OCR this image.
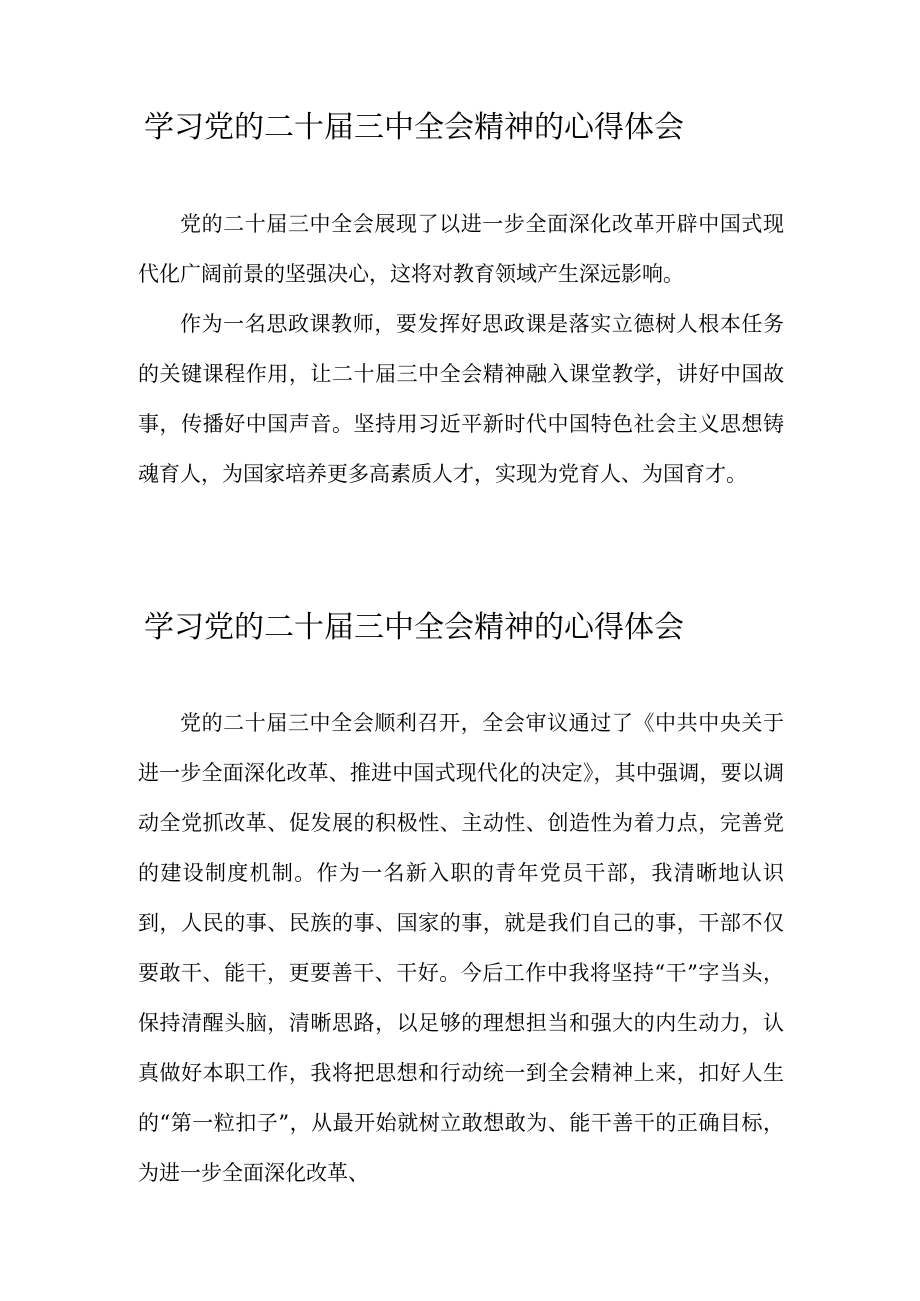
学习党的二十届三中全会精神的心得体会

党的二十届三中全会展现了以进一步全面深化改革开辟中国式现代化广阔前景的坚强决心，这将对教育领域产生深远影响。

作为一名思政课教师，要发挥好思政课是落实立德树人根本任务的关键课程作用，让二十届三中全会精神融入课堂教学，讲好中国故事，传播好中国声音。坚持用习近平新时代中国特色社会主义思想铸魂育人，为国家培养更多高素质人才，实现为党育人、为国育才。

学习党的二十届三中全会精神的心得体会

党的二十届三中全会顺利召开，全会审议通过了《中共中央关于进一步全面深化改革、推进中国式现代化的决定》，其中强调，要以调动全党抓改革、促发展的积极性、主动性、创造性为着力点，完善党的建设制度机制。作为一名新入职的青年党员干部，我清晰地认识到，人民的事、民族的事、国家的事，就是我们自己的事，干部不仅要敢干、能干，更要善干、干好。今后工作中我将坚持“干”字当头，保持清醒头脑，清晰思路，以足够的理想担当和强大的内生动力，认真做好本职工作，我将把思想和行动统一到全会精神上来，扣好人生的“第一粒扣子”，从最开始就树立敢想敢为、能干善干的正确目标，为进一步全面深化改革、
